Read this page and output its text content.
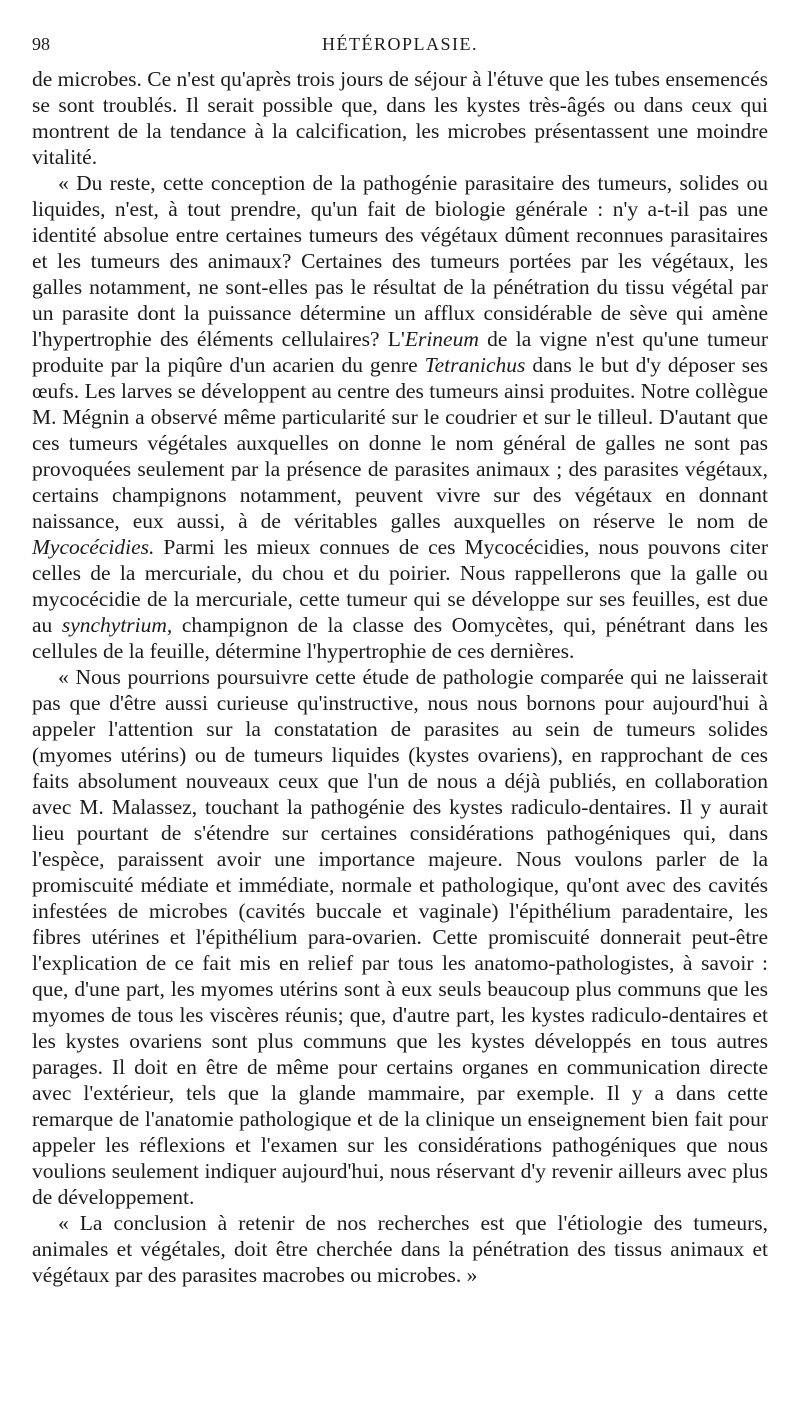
98	HÉTÉROPLASIE.

de microbes. Ce n'est qu'après trois jours de séjour à l'étuve que les tubes ensemencés se sont troublés. Il serait possible que, dans les kystes très-âgés ou dans ceux qui montrent de la tendance à la calcification, les microbes présentassent une moindre vitalité.

« Du reste, cette conception de la pathogénie parasitaire des tumeurs, solides ou liquides, n'est, à tout prendre, qu'un fait de biologie générale : n'y a-t-il pas une identité absolue entre certaines tumeurs des végétaux dûment reconnues parasitaires et les tumeurs des animaux? Certaines des tumeurs portées par les végétaux, les galles notamment, ne sont-elles pas le résultat de la pénétration du tissu végétal par un parasite dont la puissance détermine un afflux considérable de sève qui amène l'hypertrophie des éléments cellulaires? L'Erineum de la vigne n'est qu'une tumeur produite par la piqûre d'un acarien du genre Tetranichus dans le but d'y déposer ses œufs. Les larves se développent au centre des tumeurs ainsi produites. Notre collègue M. Mégnin a observé même particularité sur le coudrier et sur le tilleul. D'autant que ces tumeurs végétales auxquelles on donne le nom général de galles ne sont pas provoquées seulement par la présence de parasites animaux ; des parasites végétaux, certains champignons notamment, peuvent vivre sur des végétaux en donnant naissance, eux aussi, à de véritables galles auxquelles on réserve le nom de Mycocécidies. Parmi les mieux connues de ces Mycocécidies, nous pouvons citer celles de la mercuriale, du chou et du poirier. Nous rappellerons que la galle ou mycocécidie de la mercuriale, cette tumeur qui se développe sur ses feuilles, est due au synchytrium, champignon de la classe des Oomycètes, qui, pénétrant dans les cellules de la feuille, détermine l'hypertrophie de ces dernières.

« Nous pourrions poursuivre cette étude de pathologie comparée qui ne laisserait pas que d'être aussi curieuse qu'instructive, nous nous bornons pour aujourd'hui à appeler l'attention sur la constatation de parasites au sein de tumeurs solides (myomes utérins) ou de tumeurs liquides (kystes ovariens), en rapprochant de ces faits absolument nouveaux ceux que l'un de nous a déjà publiés, en collaboration avec M. Malassez, touchant la pathogénie des kystes radiculo-dentaires. Il y aurait lieu pourtant de s'étendre sur certaines considérations pathogéniques qui, dans l'espèce, paraissent avoir une importance majeure. Nous voulons parler de la promiscuité médiate et immédiate, normale et pathologique, qu'ont avec des cavités infestées de microbes (cavités buccale et vaginale) l'épithélium paradentaire, les fibres utérines et l'épithélium para-ovarien. Cette promiscuité donnerait peut-être l'explication de ce fait mis en relief par tous les anatomo-pathologistes, à savoir : que, d'une part, les myomes utérins sont à eux seuls beaucoup plus communs que les myomes de tous les viscères réunis; que, d'autre part, les kystes radiculo-dentaires et les kystes ovariens sont plus communs que les kystes développés en tous autres parages. Il doit en être de même pour certains organes en communication directe avec l'extérieur, tels que la glande mammaire, par exemple. Il y a dans cette remarque de l'anatomie pathologique et de la clinique un enseignement bien fait pour appeler les réflexions et l'examen sur les considérations pathogéniques que nous voulions seulement indiquer aujourd'hui, nous réservant d'y revenir ailleurs avec plus de développement.

« La conclusion à retenir de nos recherches est que l'étiologie des tumeurs, animales et végétales, doit être cherchée dans la pénétration des tissus animaux et végétaux par des parasites macrobes ou microbes. »
